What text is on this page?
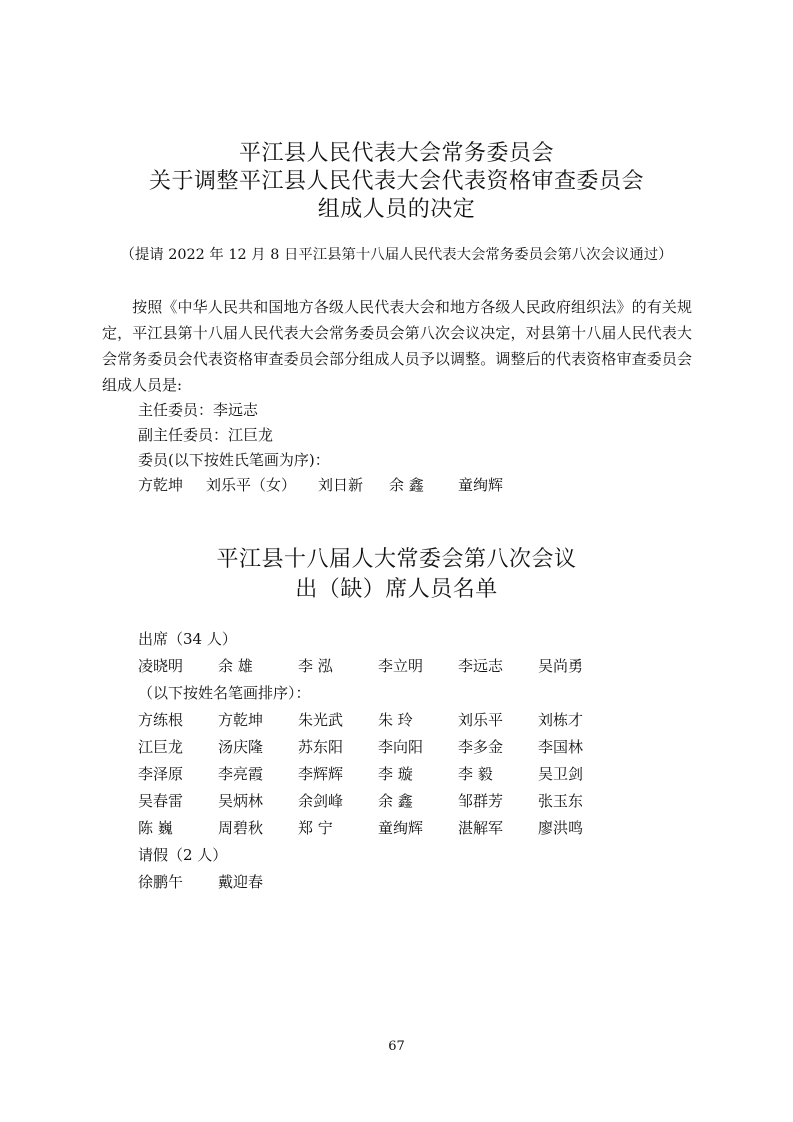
平江县人民代表大会常务委员会
关于调整平江县人民代表大会代表资格审查委员会
组成人员的决定
（提请 2022 年 12 月 8 日平江县第十八届人民代表大会常务委员会第八次会议通过）

按照《中华人民共和国地方各级人民代表大会和地方各级人民政府组织法》的有关规定，平江县第十八届人民代表大会常务委员会第八次会议决定，对县第十八届人民代表大会常务委员会代表资格审查委员会部分组成人员予以调整。调整后的代表资格审查委员会组成人员是:

主任委员：李远志
副主任委员：江巨龙
委员(以下按姓氏笔画为序)：
方乾坤 刘乐平（女） 刘日新 余 鑫 童绚辉
平江县十八届人大常委会第八次会议
出（缺）席人员名单
出席（34 人）
凌晓明 余 雄	李 泓	李立明 李远志 吴尚勇
（以下按姓名笔画排序）：
方练根 方乾坤 朱光武 朱 玲	刘乐平 刘栋才
江巨龙 汤庆隆 苏东阳 李向阳 李多金 李国林
李泽原 李亮霞 李辉辉 李 璇	李 毅	吴卫剑
吴春雷 吴炳林 余剑峰 余 鑫	邹群芳 张玉东
陈 巍	周碧秋 郑 宁	童绚辉 湛解军 廖洪鸣
请假（2 人）
徐鹏午 戴迎春
67
